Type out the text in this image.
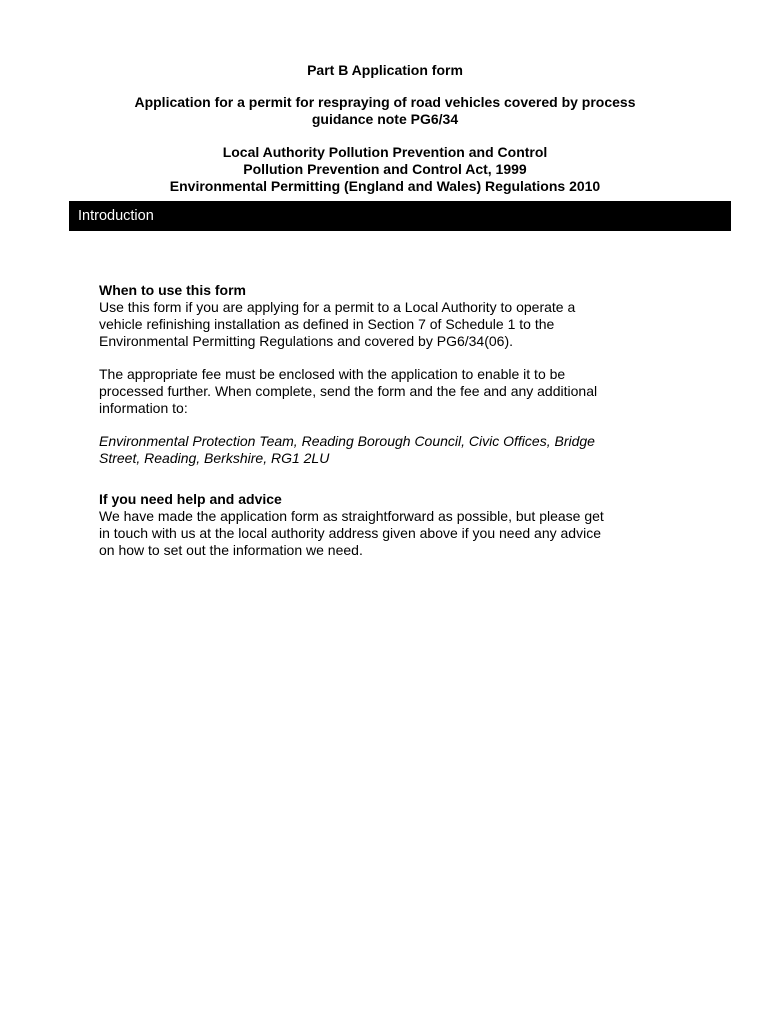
Part B Application form
Application for a permit for respraying of road vehicles covered by process
guidance note PG6/34
Local Authority Pollution Prevention and Control
Pollution Prevention and Control Act, 1999
Environmental Permitting (England and Wales) Regulations 2010
Introduction
When to use this form
Use this form if you are applying for a permit to a Local Authority to operate a
vehicle refinishing installation as defined in Section 7 of Schedule 1 to the
Environmental Permitting Regulations and covered by PG6/34(06).
The appropriate fee must be enclosed with the application to enable it to be
processed further. When complete, send the form and the fee and any additional
information to:
Environmental Protection Team, Reading Borough Council, Civic Offices, Bridge
Street, Reading, Berkshire, RG1 2LU
If you need help and advice
We have made the application form as straightforward as possible, but please get
in touch with us at the local authority address given above if you need any advice
on how to set out the information we need.
